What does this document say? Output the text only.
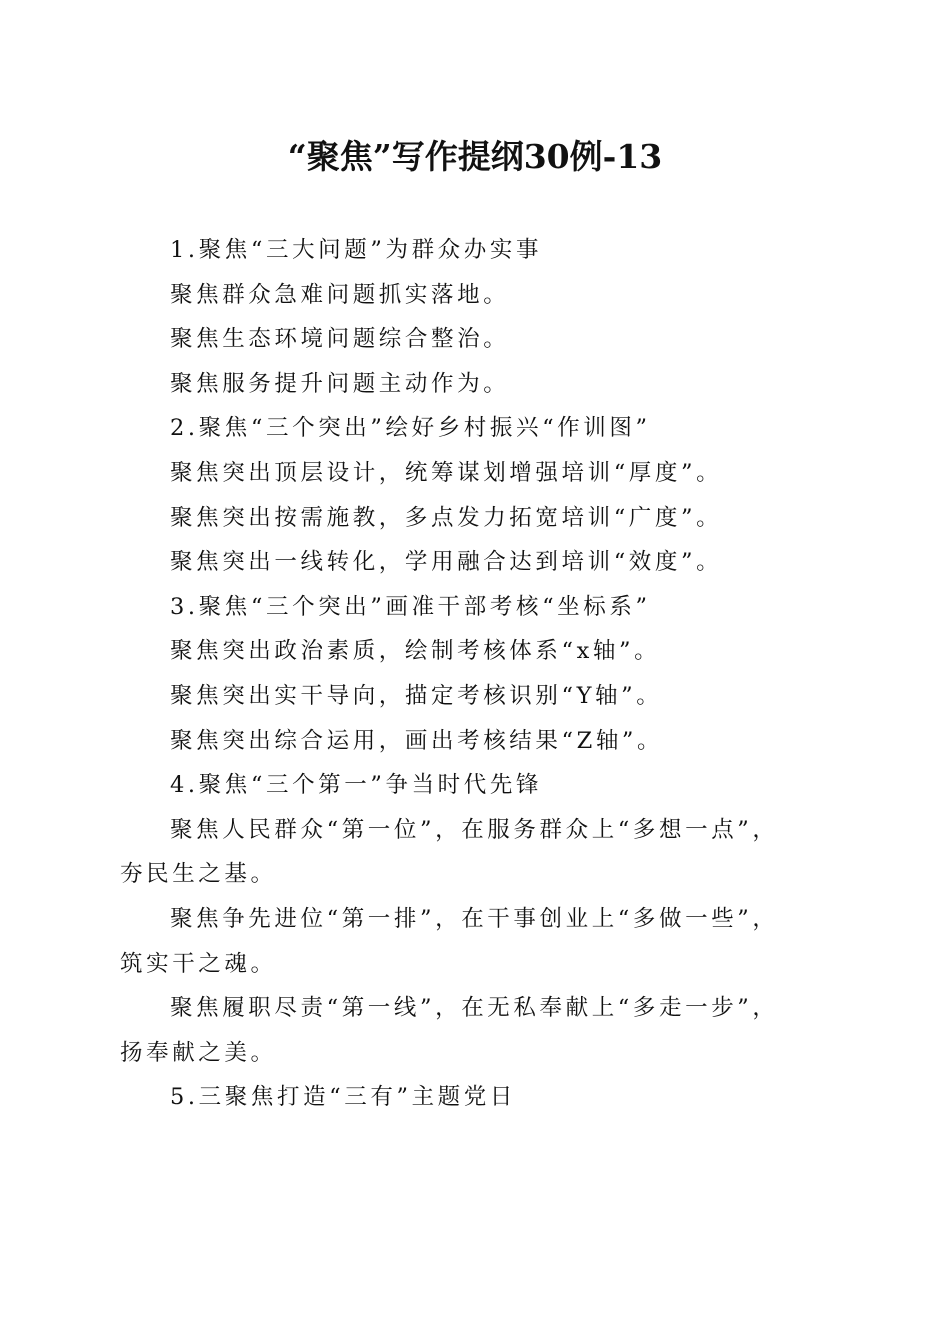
“聚焦”写作提纲30例-13
1.聚焦“三大问题”为群众办实事
聚焦群众急难问题抓实落地。
聚焦生态环境问题综合整治。
聚焦服务提升问题主动作为。
2.聚焦“三个突出”绘好乡村振兴“作训图”
聚焦突出顶层设计，统筹谋划增强培训“厚度”。
聚焦突出按需施教，多点发力拓宽培训“广度”。
聚焦突出一线转化，学用融合达到培训“效度”。
3.聚焦“三个突出”画准干部考核“坐标系”
聚焦突出政治素质，绘制考核体系“x轴”。
聚焦突出实干导向，描定考核识别“Y轴”。
聚焦突出综合运用，画出考核结果“Z轴”。
4.聚焦“三个第一”争当时代先锋
聚焦人民群众“第一位”，在服务群众上“多想一点”，
夯民生之基。
聚焦争先进位“第一排”，在干事创业上“多做一些”，
筑实干之魂。
聚焦履职尽责“第一线”，在无私奉献上“多走一步”，
扬奉献之美。
5.三聚焦打造“三有”主题党日
